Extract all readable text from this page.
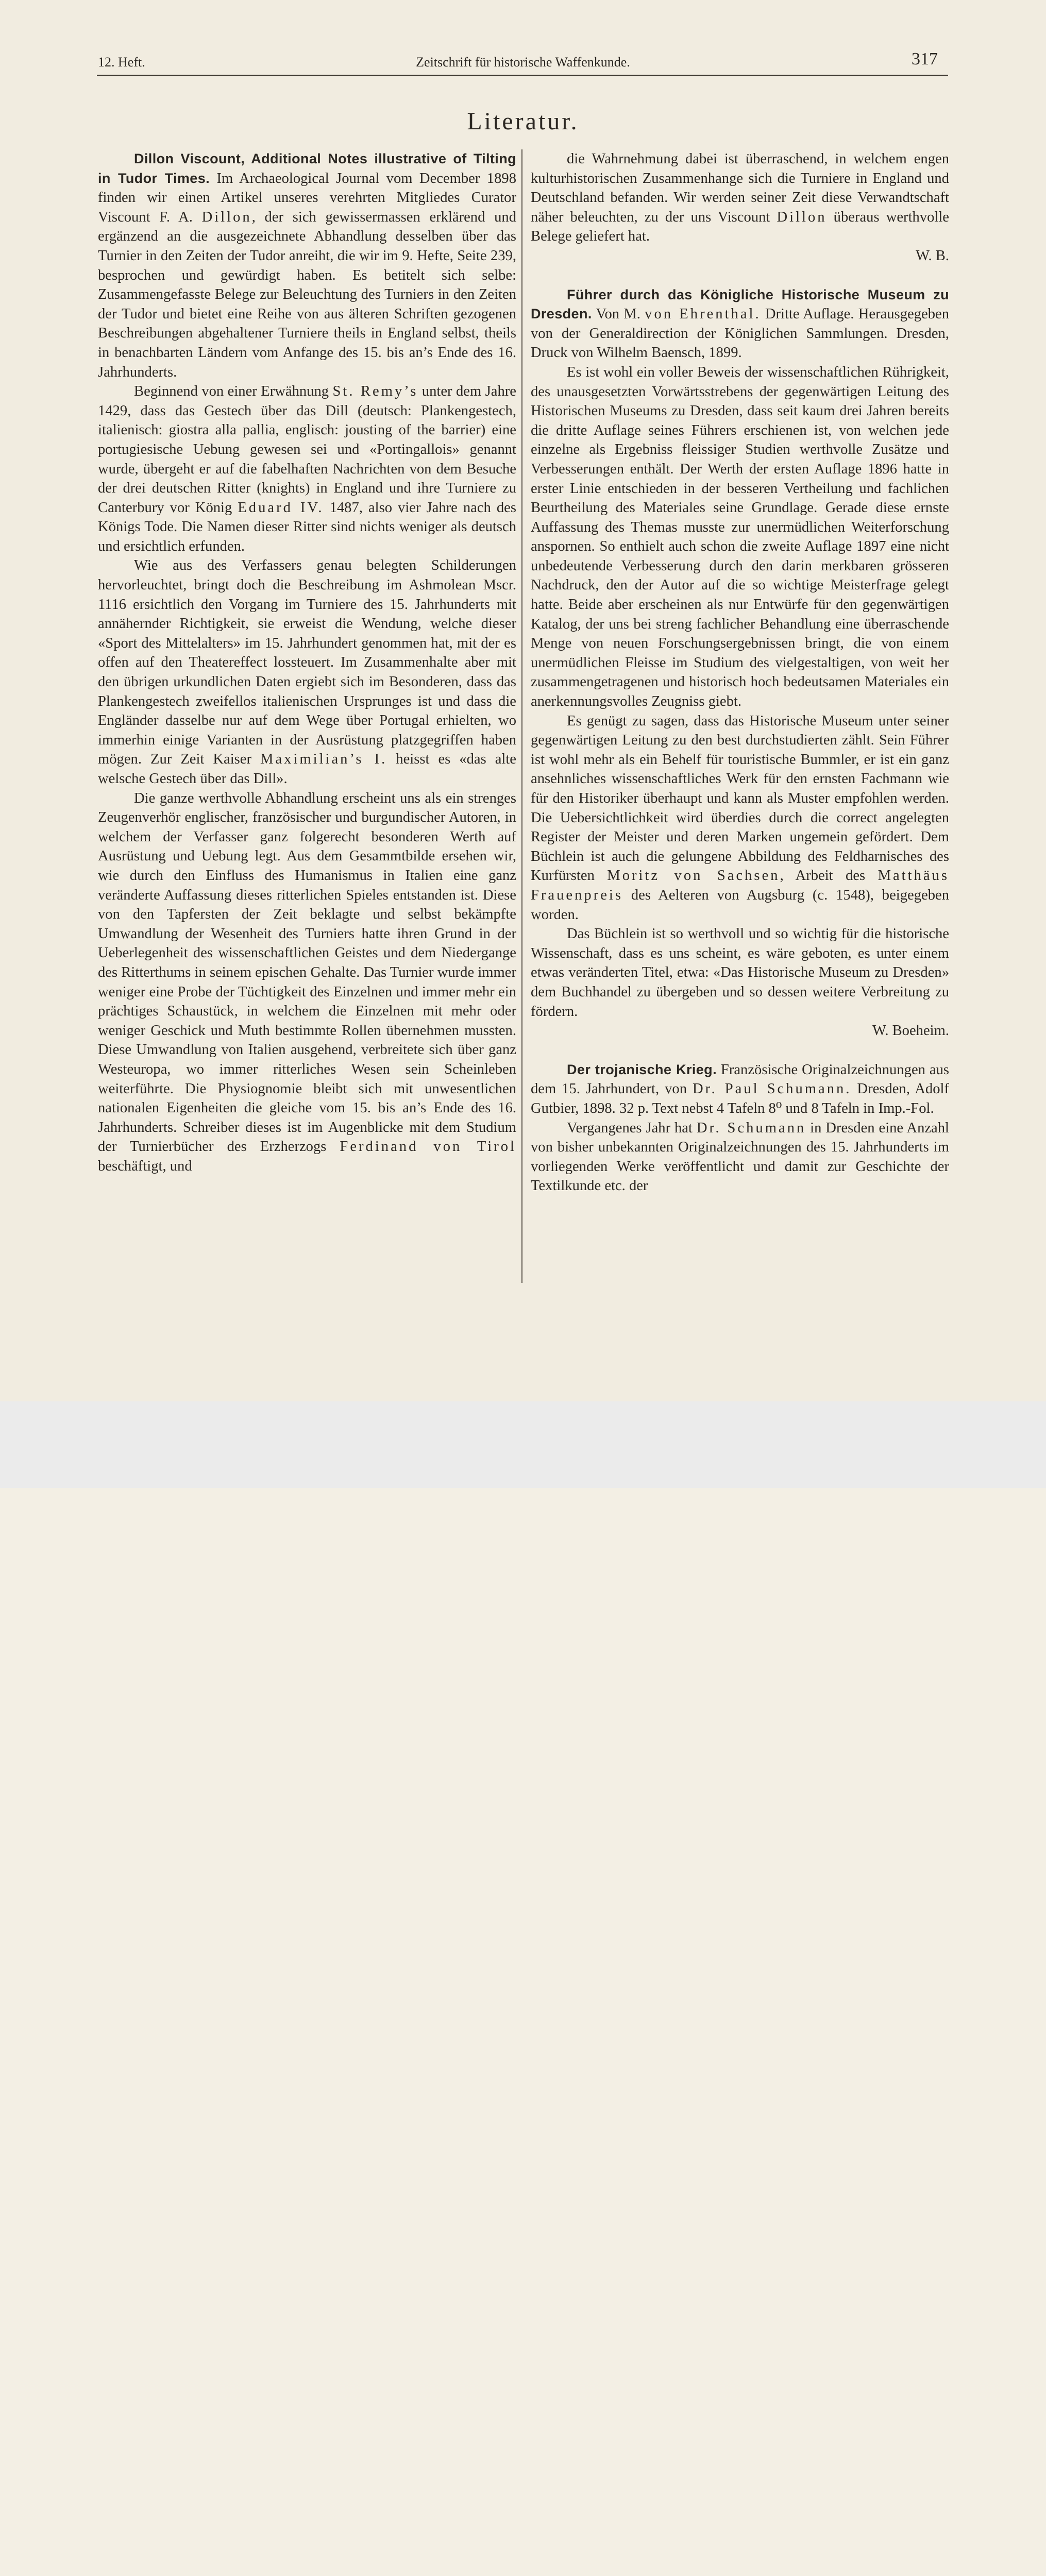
12. Heft.	Zeitschrift für historische Waffenkunde.	317
Literatur.

Dillon Viscount, Additional Notes illustrative of Tilting in Tudor Times. Im Archaeological Journal vom December 1898 finden wir einen Artikel unseres verehrten Mitgliedes Curator Viscount F. A. Dillon, der sich gewissermassen erklärend und ergänzend an die ausgezeichnete Abhandlung desselben über das Turnier in den Zeiten der Tudor anreiht, die wir im 9. Hefte, Seite 239, besprochen und gewürdigt haben. Es betitelt sich selbe: Zusammengefasste Belege zur Beleuchtung des Turniers in den Zeiten der Tudor und bietet eine Reihe von aus älteren Schriften gezogenen Beschreibungen abgehaltener Turniere theils in England selbst, theils in benachbarten Ländern vom Anfange des 15. bis an’s Ende des 16. Jahrhunderts.

Beginnend von einer Erwähnung St. Remy’s unter dem Jahre 1429, dass das Gestech über das Dill (deutsch: Plankengestech, italienisch: giostra alla pallia, englisch: jousting of the barrier) eine portugiesische Uebung gewesen sei und «Portingallois» genannt wurde, übergeht er auf die fabelhaften Nachrichten von dem Besuche der drei deutschen Ritter (knights) in England und ihre Turniere zu Canterbury vor König Eduard IV. 1487, also vier Jahre nach des Königs Tode. Die Namen dieser Ritter sind nichts weniger als deutsch und ersichtlich erfunden.

Wie aus des Verfassers genau belegten Schilderungen hervorleuchtet, bringt doch die Beschreibung im Ashmolean Mscr. 1116 ersichtlich den Vorgang im Turniere des 15. Jahrhunderts mit annähernder Richtigkeit, sie erweist die Wendung, welche dieser «Sport des Mittelalters» im 15. Jahrhundert genommen hat, mit der es offen auf den Theatereffect lossteuert. Im Zusammenhalte aber mit den übrigen urkundlichen Daten ergiebt sich im Besonderen, dass das Plankengestech zweifellos italienischen Ursprunges ist und dass die Engländer dasselbe nur auf dem Wege über Portugal erhielten, wo immerhin einige Varianten in der Ausrüstung platzgegriffen haben mögen. Zur Zeit Kaiser Maximilian’s I. heisst es «das alte welsche Gestech über das Dill».

Die ganze werthvolle Abhandlung erscheint uns als ein strenges Zeugenverhör englischer, französischer und burgundischer Autoren, in welchem der Verfasser ganz folgerecht besonderen Werth auf Ausrüstung und Uebung legt. Aus dem Gesammtbilde ersehen wir, wie durch den Einfluss des Humanismus in Italien eine ganz veränderte Auffassung dieses ritterlichen Spieles entstanden ist. Diese von den Tapfersten der Zeit beklagte und selbst bekämpfte Umwandlung der Wesenheit des Turniers hatte ihren Grund in der Ueberlegenheit des wissenschaftlichen Geistes und dem Niedergange des Ritterthums in seinem epischen Gehalte. Das Turnier wurde immer weniger eine Probe der Tüchtigkeit des Einzelnen und immer mehr ein prächtiges Schaustück, in welchem die Einzelnen mit mehr oder weniger Geschick und Muth bestimmte Rollen übernehmen mussten. Diese Umwandlung von Italien ausgehend, verbreitete sich über ganz Westeuropa, wo immer ritterliches Wesen sein Scheinleben weiterführte. Die Physiognomie bleibt sich mit unwesentlichen nationalen Eigenheiten die gleiche vom 15. bis an’s Ende des 16. Jahrhunderts. Schreiber dieses ist im Augenblicke mit dem Studium der Turnierbücher des Erzherzogs Ferdinand von Tirol beschäftigt, und

die Wahrnehmung dabei ist überraschend, in welchem engen kulturhistorischen Zusammenhange sich die Turniere in England und Deutschland befanden. Wir werden seiner Zeit diese Verwandtschaft näher beleuchten, zu der uns Viscount Dillon überaus werthvolle Belege geliefert hat.

W. B.

Führer durch das Königliche Historische Museum zu Dresden. Von M. von Ehrenthal. Dritte Auflage. Herausgegeben von der Generaldirection der Königlichen Sammlungen. Dresden, Druck von Wilhelm Baensch, 1899.

Es ist wohl ein voller Beweis der wissenschaftlichen Rührigkeit, des unausgesetzten Vorwärtsstrebens der gegenwärtigen Leitung des Historischen Museums zu Dresden, dass seit kaum drei Jahren bereits die dritte Auflage seines Führers erschienen ist, von welchen jede einzelne als Ergebniss fleissiger Studien werthvolle Zusätze und Verbesserungen enthält. Der Werth der ersten Auflage 1896 hatte in erster Linie entschieden in der besseren Vertheilung und fachlichen Beurtheilung des Materiales seine Grundlage. Gerade diese ernste Auffassung des Themas musste zur unermüdlichen Weiterforschung anspornen. So enthielt auch schon die zweite Auflage 1897 eine nicht unbedeutende Verbesserung durch den darin merkbaren grösseren Nachdruck, den der Autor auf die so wichtige Meisterfrage gelegt hatte. Beide aber erscheinen als nur Entwürfe für den gegenwärtigen Katalog, der uns bei streng fachlicher Behandlung eine überraschende Menge von neuen Forschungsergebnissen bringt, die von einem unermüdlichen Fleisse im Studium des vielgestaltigen, von weit her zusammengetragenen und historisch hoch bedeutsamen Materiales ein anerkennungsvolles Zeugniss giebt.

Es genügt zu sagen, dass das Historische Museum unter seiner gegenwärtigen Leitung zu den best durchstudierten zählt. Sein Führer ist wohl mehr als ein Behelf für touristische Bummler, er ist ein ganz ansehnliches wissenschaftliches Werk für den ernsten Fachmann wie für den Historiker überhaupt und kann als Muster empfohlen werden. Die Uebersichtlichkeit wird überdies durch die correct angelegten Register der Meister und deren Marken ungemein gefördert. Dem Büchlein ist auch die gelungene Abbildung des Feldharnisches des Kurfürsten Moritz von Sachsen, Arbeit des Matthäus Frauenpreis des Aelteren von Augsburg (c. 1548), beigegeben worden.

Das Büchlein ist so werthvoll und so wichtig für die historische Wissenschaft, dass es uns scheint, es wäre geboten, es unter einem etwas veränderten Titel, etwa: «Das Historische Museum zu Dresden» dem Buchhandel zu übergeben und so dessen weitere Verbreitung zu fördern.

W. Boeheim.

Der trojanische Krieg. Französische Originalzeichnungen aus dem 15. Jahrhundert, von Dr. Paul Schumann. Dresden, Adolf Gutbier, 1898. 32 p. Text nebst 4 Tafeln 8⁰ und 8 Tafeln in Imp.-Fol.

Vergangenes Jahr hat Dr. Schumann in Dresden eine Anzahl von bisher unbekannten Originalzeichnungen des 15. Jahrhunderts im vorliegenden Werke veröffentlicht und damit zur Geschichte der Textilkunde etc. der
